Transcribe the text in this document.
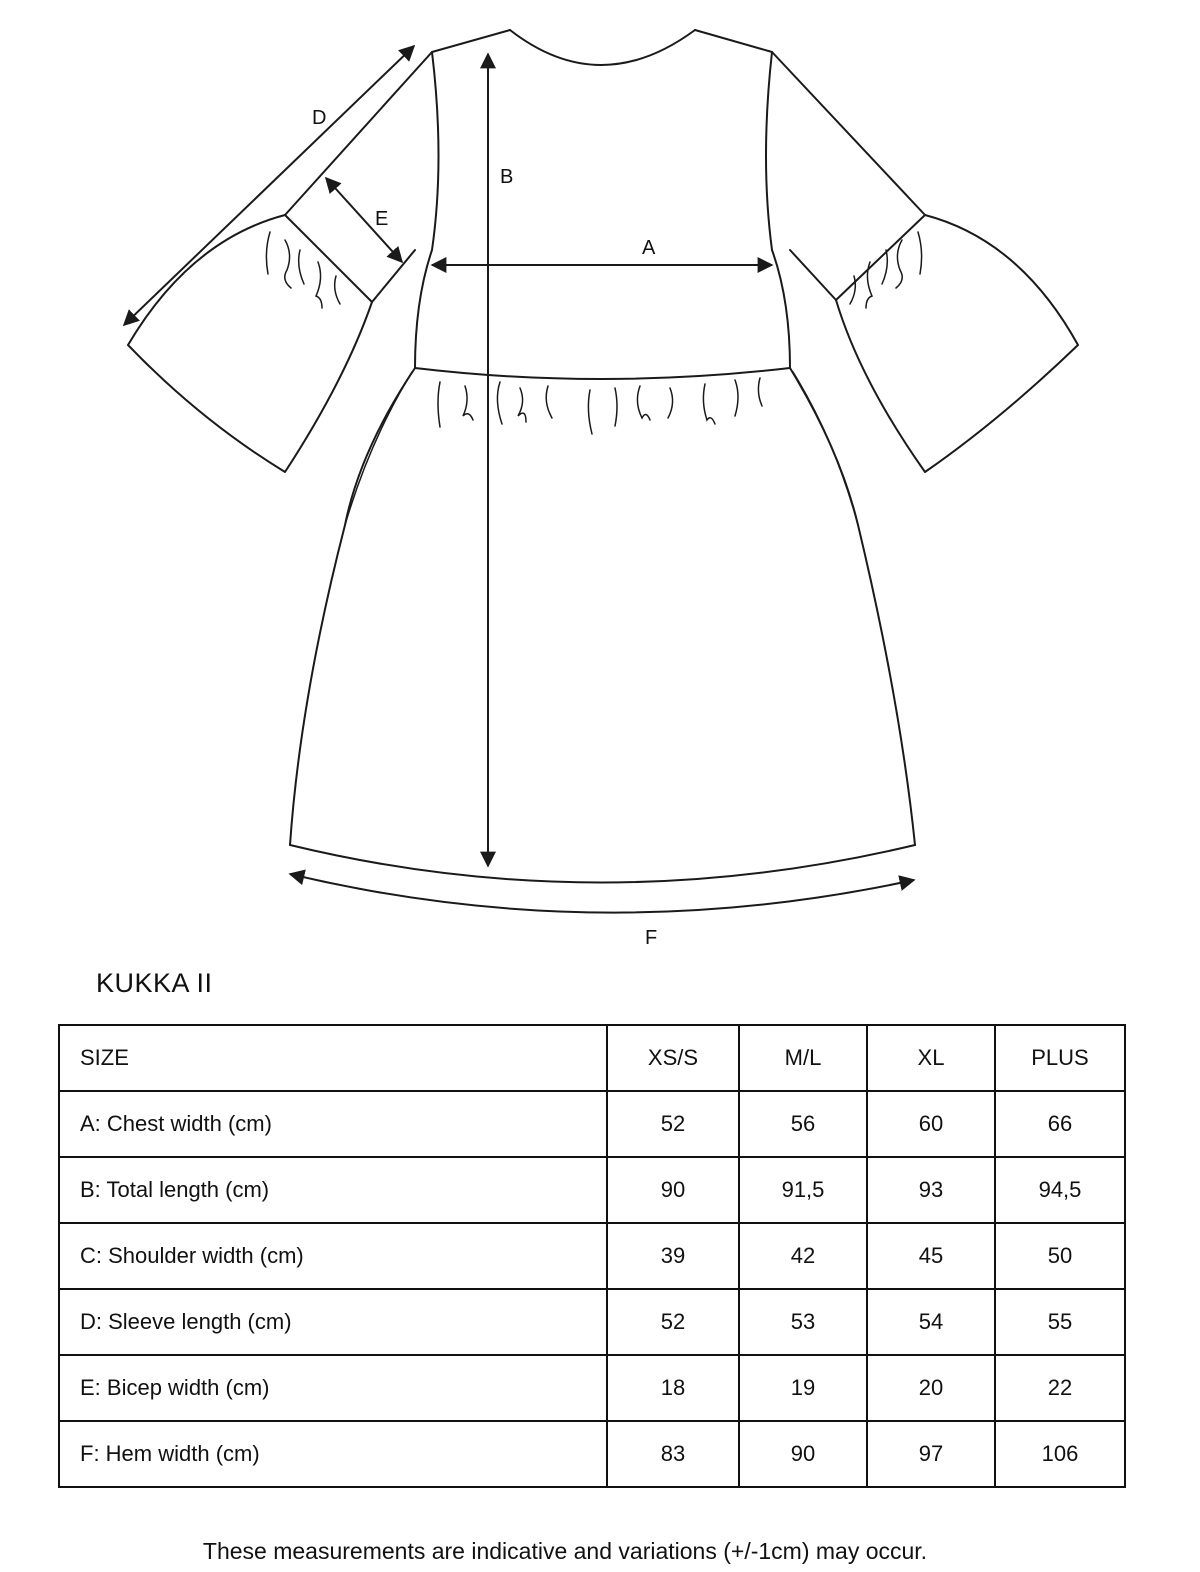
A
B
D
E
F
KUKKA II
SIZE	XS/S	M/L	XL	PLUS
A: Chest width (cm)	52	56	60	66
B: Total length (cm)	90	91,5	93	94,5
C: Shoulder width (cm)	39	42	45	50
D: Sleeve length (cm)	52	53	54	55
E: Bicep width (cm)	18	19	20	22
F: Hem width (cm)	83	90	97	106
These measurements are indicative and variations (+/-1cm) may occur.
